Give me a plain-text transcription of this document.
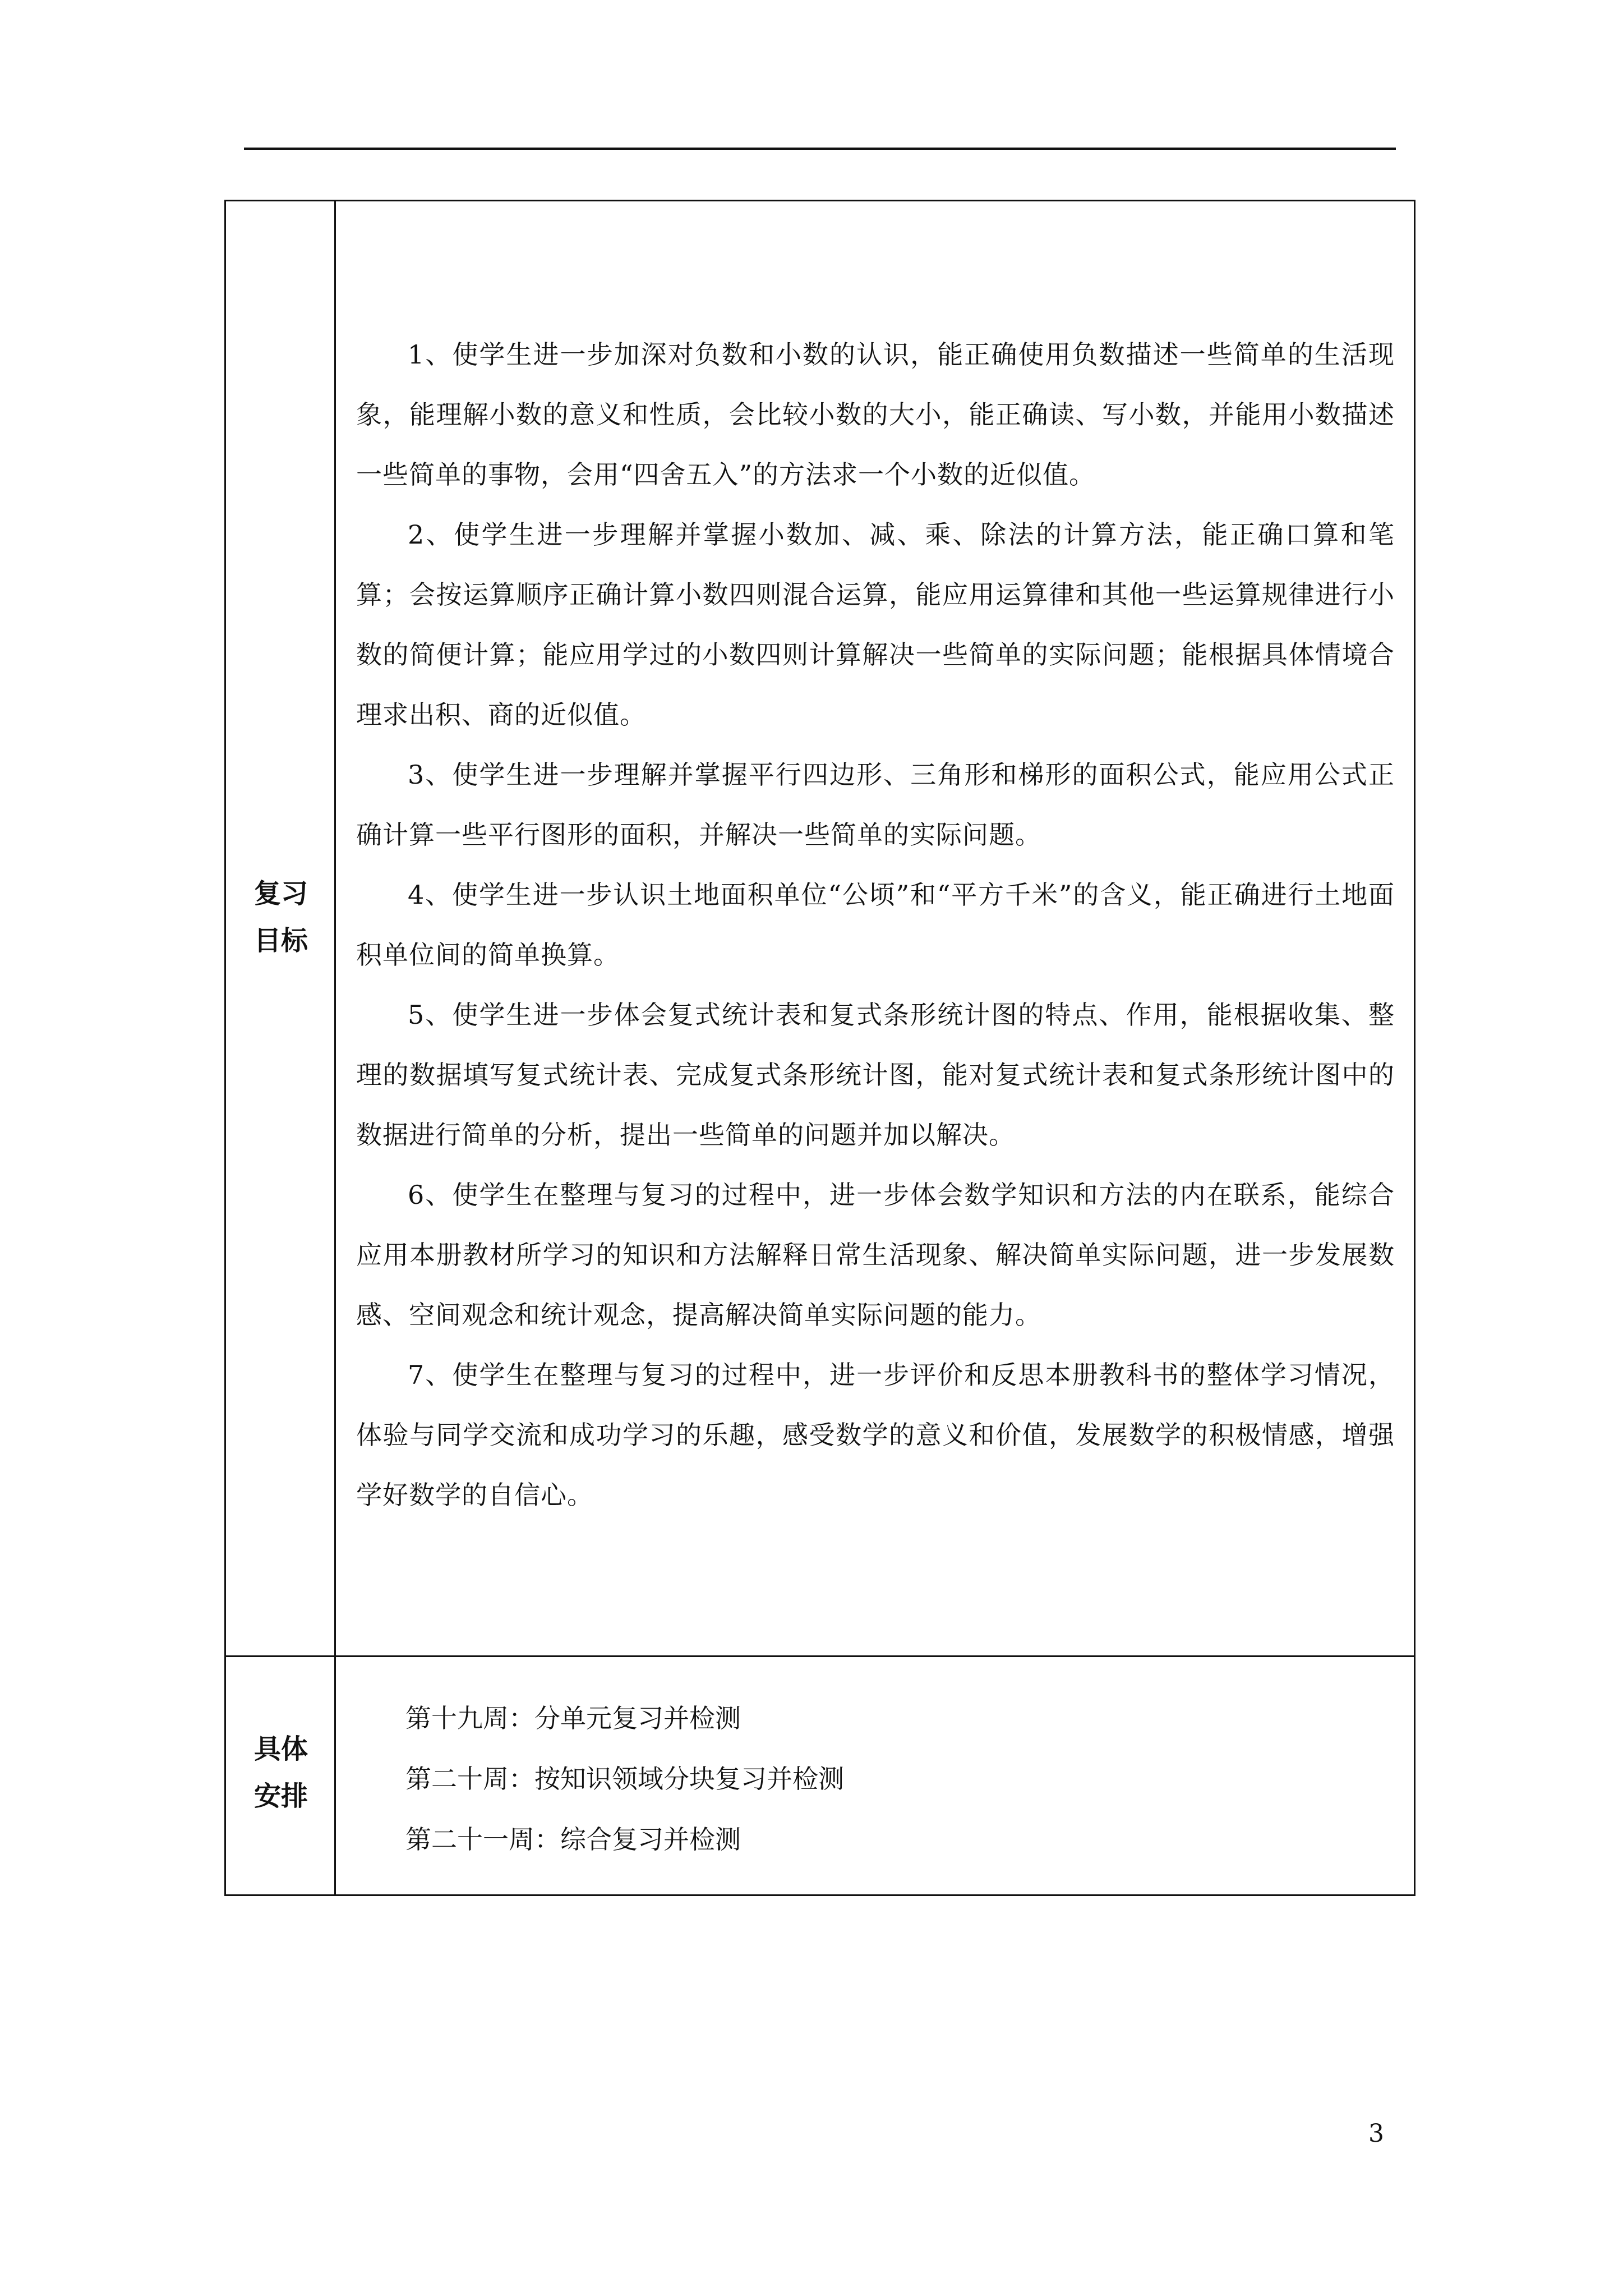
复习
目标

1、使学生进一步加深对负数和小数的认识，能正确使用负数描述一些简单的生活现象，能理解小数的意义和性质，会比较小数的大小，能正确读、写小数，并能用小数描述一些简单的事物，会用“四舍五入”的方法求一个小数的近似值。

2、使学生进一步理解并掌握小数加、减、乘、除法的计算方法，能正确口算和笔算；会按运算顺序正确计算小数四则混合运算，能应用运算律和其他一些运算规律进行小数的简便计算；能应用学过的小数四则计算解决一些简单的实际问题；能根据具体情境合理求出积、商的近似值。

3、使学生进一步理解并掌握平行四边形、三角形和梯形的面积公式，能应用公式正确计算一些平行图形的面积，并解决一些简单的实际问题。

4、使学生进一步认识土地面积单位“公顷”和“平方千米”的含义，能正确进行土地面积单位间的简单换算。

5、使学生进一步体会复式统计表和复式条形统计图的特点、作用，能根据收集、整理的数据填写复式统计表、完成复式条形统计图，能对复式统计表和复式条形统计图中的数据进行简单的分析，提出一些简单的问题并加以解决。

6、使学生在整理与复习的过程中，进一步体会数学知识和方法的内在联系，能综合应用本册教材所学习的知识和方法解释日常生活现象、解决简单实际问题，进一步发展数感、空间观念和统计观念，提高解决简单实际问题的能力。

7、使学生在整理与复习的过程中，进一步评价和反思本册教科书的整体学习情况，体验与同学交流和成功学习的乐趣，感受数学的意义和价值，发展数学的积极情感，增强学好数学的自信心。

具体
安排
第十九周：分单元复习并检测
第二十周：按知识领域分块复习并检测
第二十一周：综合复习并检测
3
